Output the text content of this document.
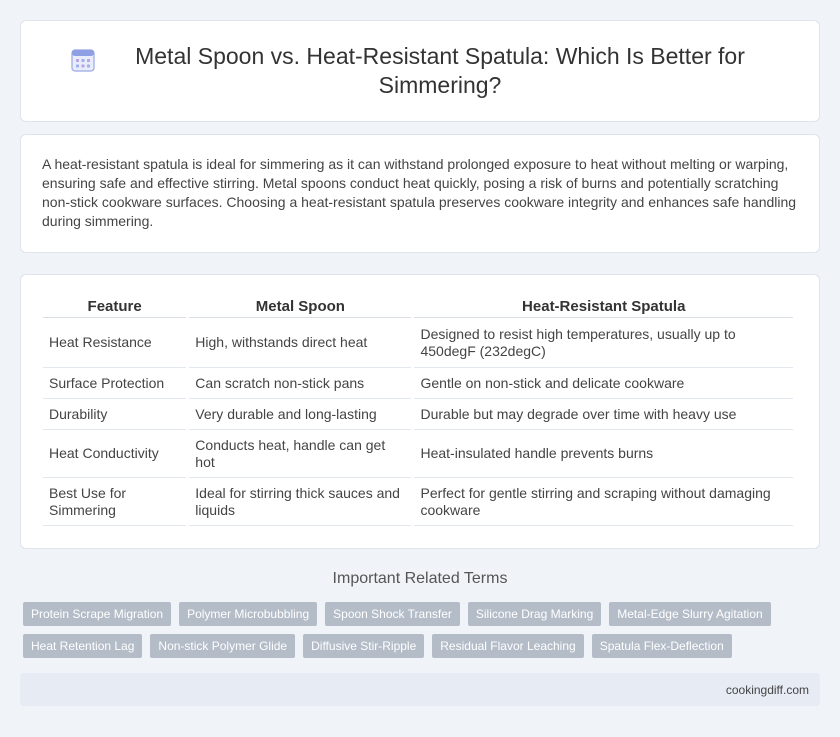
Metal Spoon vs. Heat-Resistant Spatula: Which Is Better for Simmering?

A heat-resistant spatula is ideal for simmering as it can withstand prolonged exposure to heat without melting or warping, ensuring safe and effective stirring. Metal spoons conduct heat quickly, posing a risk of burns and potentially scratching non-stick cookware surfaces. Choosing a heat-resistant spatula preserves cookware integrity and enhances safe handling during simmering.

Feature	Metal Spoon	Heat-Resistant Spatula
Heat Resistance	High, withstands direct heat	Designed to resist high temperatures, usually up to 450degF (232degC)
Surface Protection	Can scratch non-stick pans	Gentle on non-stick and delicate cookware
Durability	Very durable and long-lasting	Durable but may degrade over time with heavy use
Heat Conductivity	Conducts heat, handle can get hot	Heat-insulated handle prevents burns
Best Use for Simmering	Ideal for stirring thick sauces and liquids	Perfect for gentle stirring and scraping without damaging cookware
Important Related Terms
Protein Scrape Migration	Polymer Microbubbling	Spoon Shock Transfer	Silicone Drag Marking	Metal-Edge Slurry Agitation
Heat Retention Lag	Non-stick Polymer Glide	Diffusive Stir-Ripple	Residual Flavor Leaching	Spatula Flex-Deflection
cookingdiff.com
